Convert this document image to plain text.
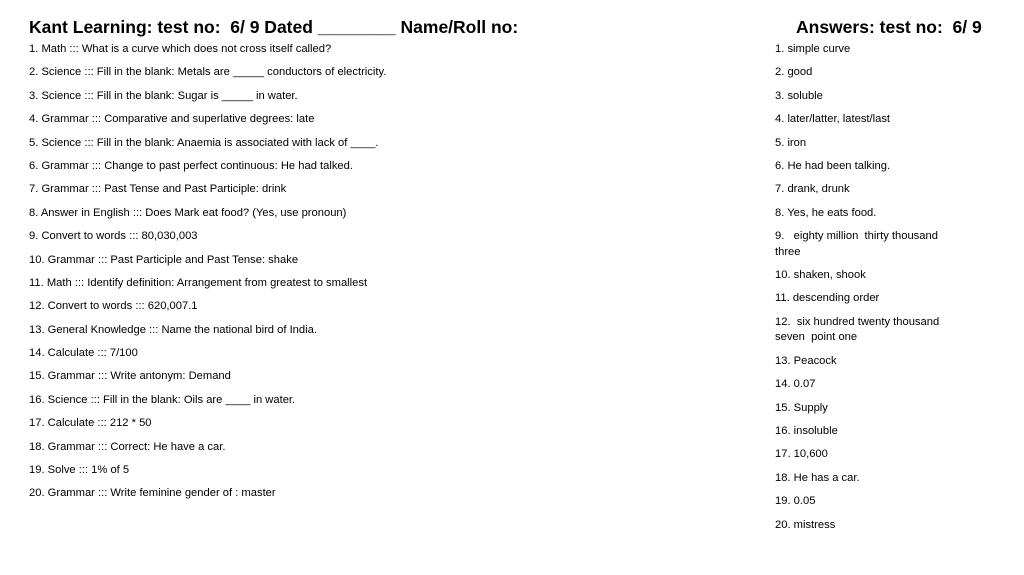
Kant Learning: test no:  6/ 9 Dated ________ Name/Roll no:	Answers: test no:  6/ 9
1. Math ::: What is a curve which does not cross itself called?
2. Science ::: Fill in the blank: Metals are _____ conductors of electricity.
3. Science ::: Fill in the blank: Sugar is _____ in water.
4. Grammar ::: Comparative and superlative degrees: late
5. Science ::: Fill in the blank: Anaemia is associated with lack of ____.
6. Grammar ::: Change to past perfect continuous: He had talked.
7. Grammar ::: Past Tense and Past Participle: drink
8. Answer in English ::: Does Mark eat food? (Yes, use pronoun)
9. Convert to words ::: 80,030,003
10. Grammar ::: Past Participle and Past Tense: shake
11. Math ::: Identify definition: Arrangement from greatest to smallest
12. Convert to words ::: 620,007.1
13. General Knowledge ::: Name the national bird of India.
14. Calculate ::: 7/100
15. Grammar ::: Write antonym: Demand
16. Science ::: Fill in the blank: Oils are ____ in water.
17. Calculate ::: 212 * 50
18. Grammar ::: Correct: He have a car.
19. Solve ::: 1% of 5
20. Grammar ::: Write feminine gender of : master
1. simple curve
2. good
3. soluble
4. later/latter, latest/last
5. iron
6. He had been talking.
7. drank, drunk
8. Yes, he eats food.
9.   eighty million  thirty thousand three
10. shaken, shook
11. descending order
12.  six hundred twenty thousand seven  point one
13. Peacock
14. 0.07
15. Supply
16. insoluble
17. 10,600
18. He has a car.
19. 0.05
20. mistress
